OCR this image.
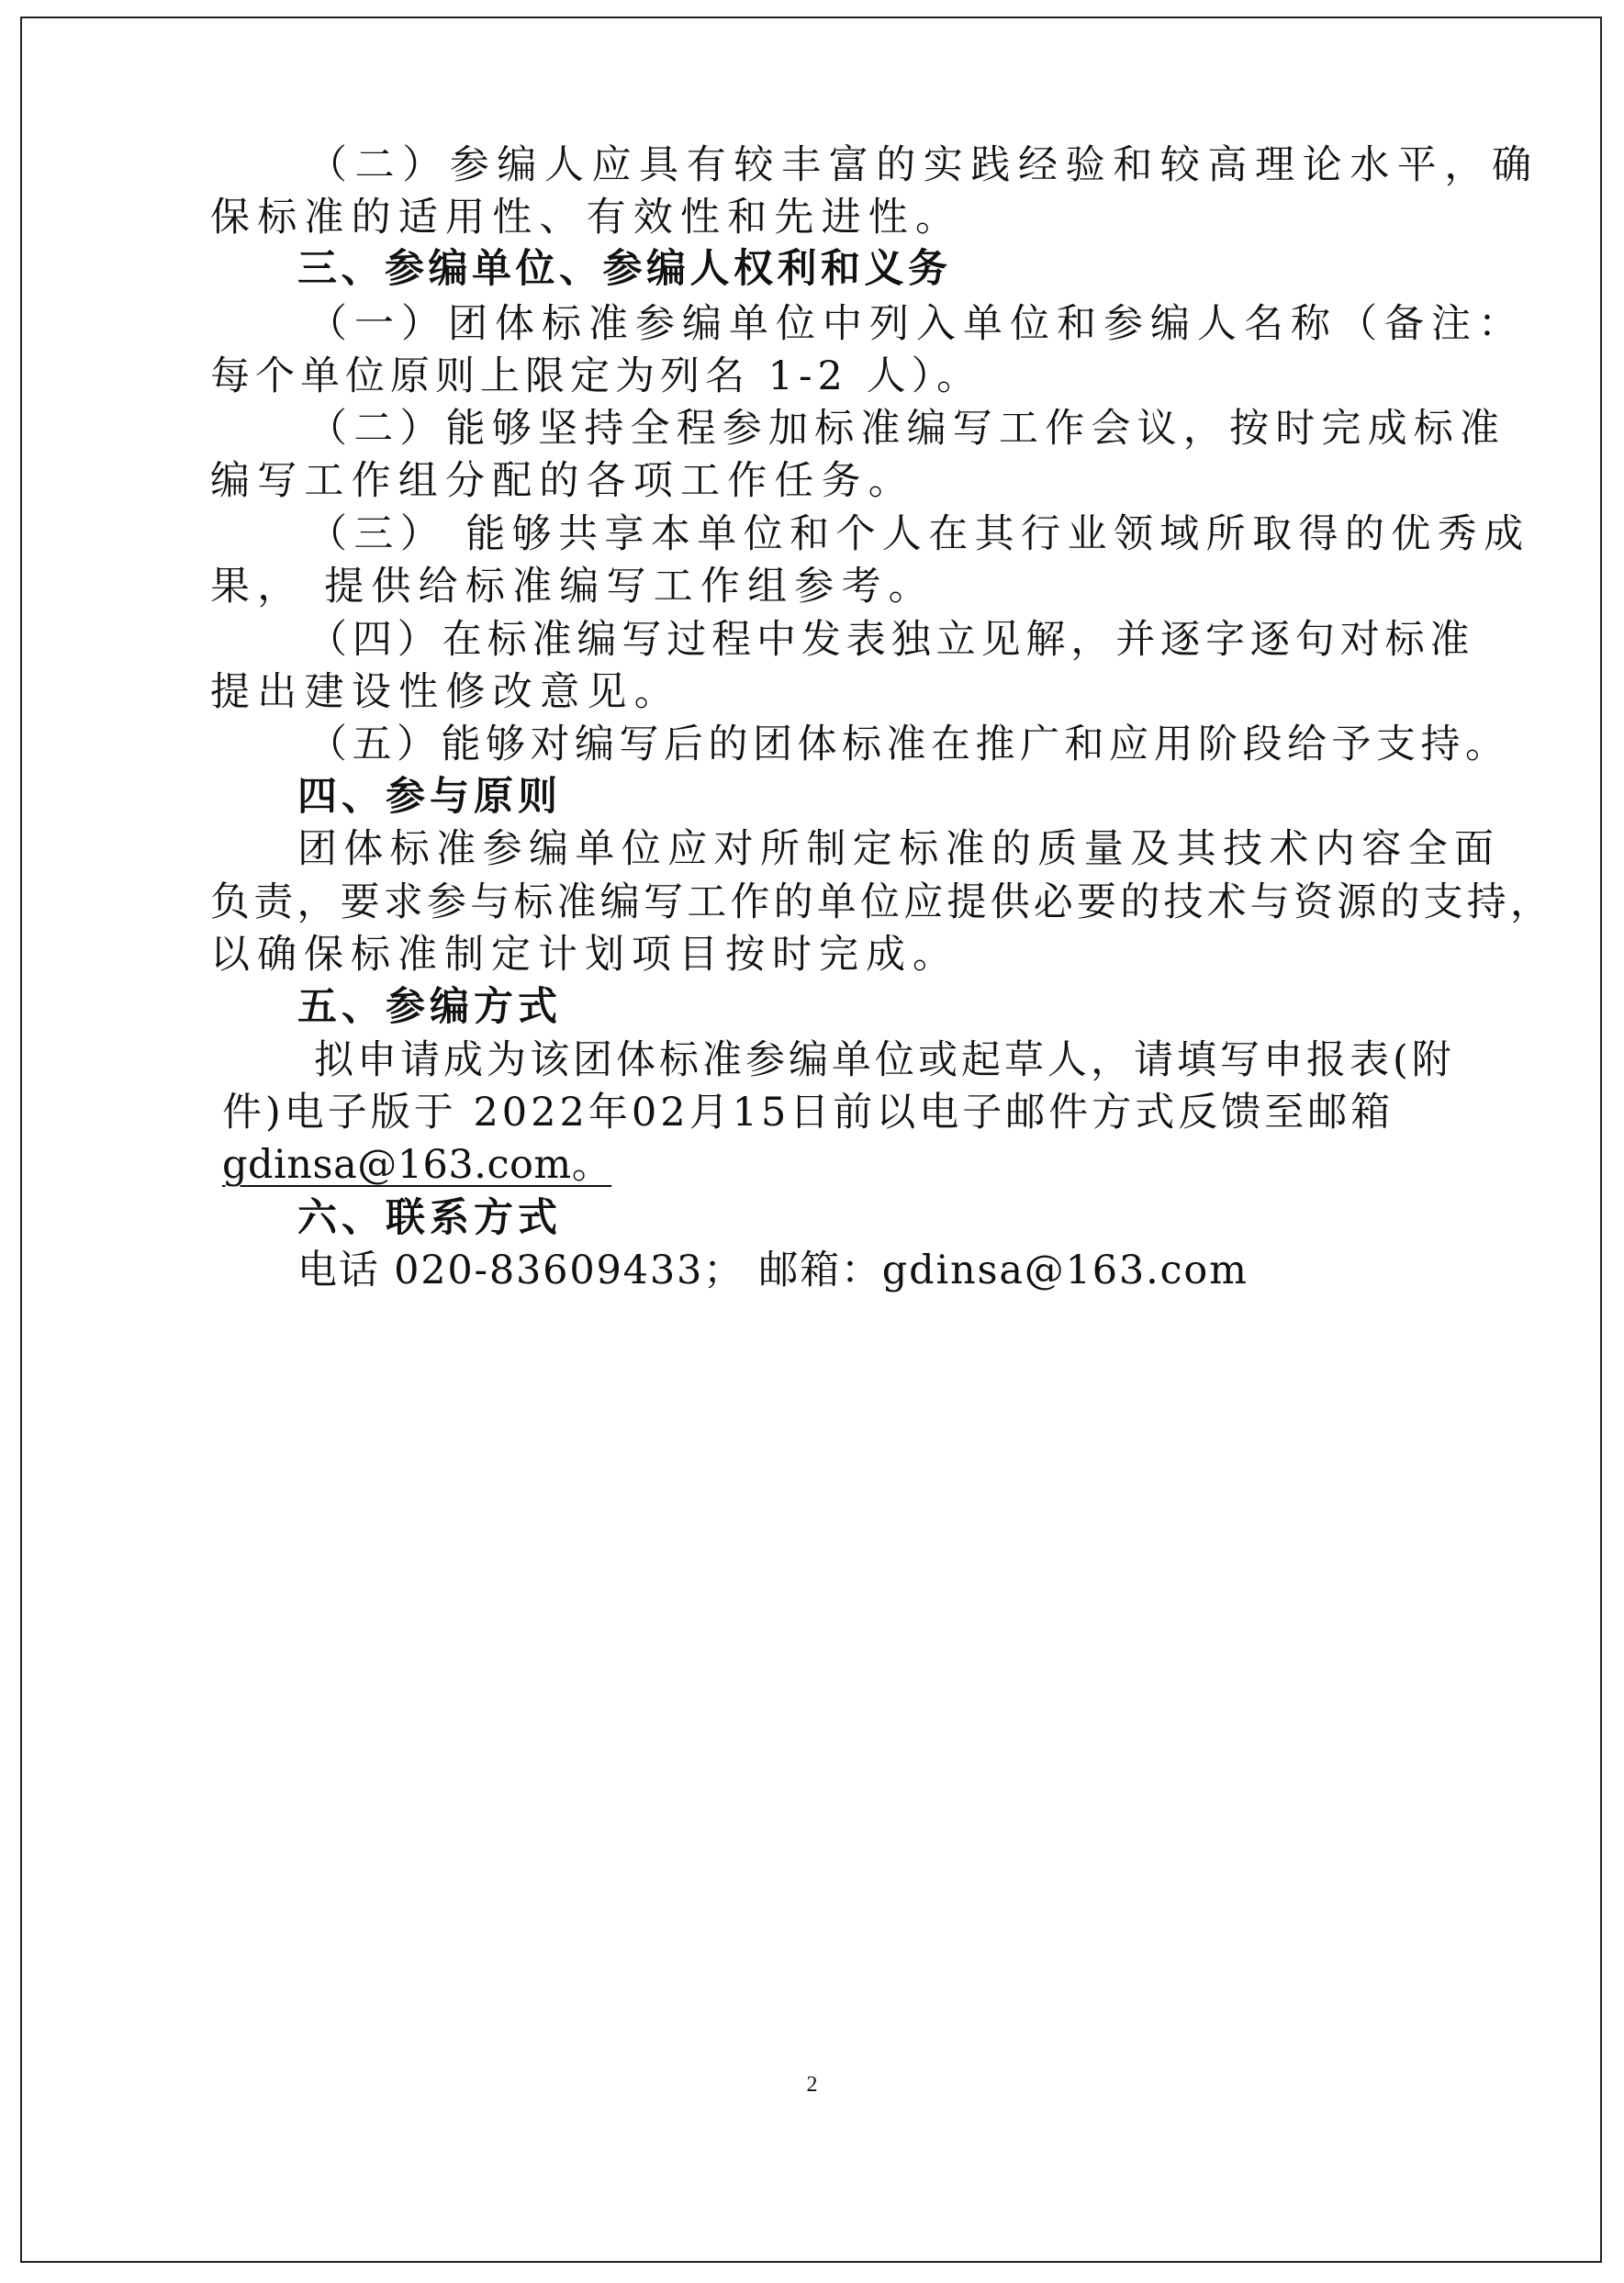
（二）参编人应具有较丰富的实践经验和较高理论水平，确
保标准的适用性、有效性和先进性。
三、参编单位、参编人权利和义务
（一）团体标准参编单位中列入单位和参编人名称（备注：
每个单位原则上限定为列名 1-2 人）。
（二）能够坚持全程参加标准编写工作会议，按时完成标准
编写工作组分配的各项工作任务。
（三） 能够共享本单位和个人在其行业领域所取得的优秀成
果， 提供给标准编写工作组参考。
（四）在标准编写过程中发表独立见解，并逐字逐句对标准
提出建设性修改意见。
（五）能够对编写后的团体标准在推广和应用阶段给予支持。
四、参与原则
团体标准参编单位应对所制定标准的质量及其技术内容全面
负责，要求参与标准编写工作的单位应提供必要的技术与资源的支持，
以确保标准制定计划项目按时完成。
五、参编方式
拟申请成为该团体标准参编单位或起草人，请填写申报表(附
件)电子版于 2022年02月15日前以电子邮件方式反馈至邮箱
gdinsa@163.com。
六、联系方式
电话 020-83609433； 邮箱：gdinsa@163.com
2
